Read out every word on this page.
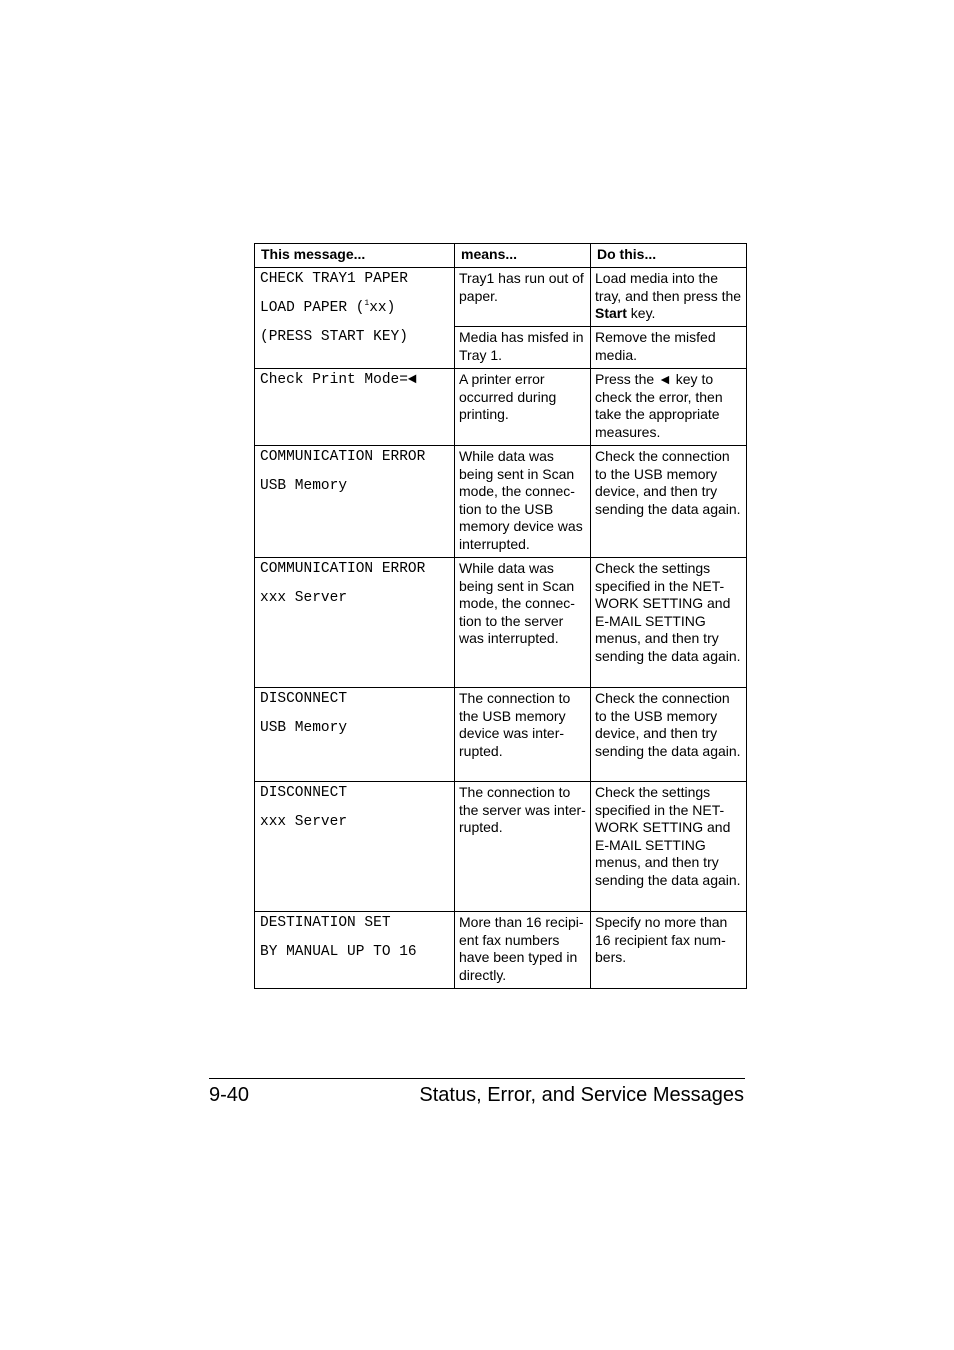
This message...	means...	Do this...

CHECK TRAY1 PAPER
LOAD PAPER ($^1$xx)
(PRESS START KEY)	Tray1 has run out of paper.	Load media into the tray, and then press the Start key.
	Media has misfed in Tray 1.	Remove the misfed media.

Check Print Mode=◄	A printer error occurred during printing.	Press the ◄ key to check the error, then take the appropriate measures.

COMMUNICATION ERROR
USB Memory	While data was being sent in Scan mode, the connec-tion to the USB memory device was interrupted.	Check the connection to the USB memory device, and then try sending the data again.

COMMUNICATION ERROR
xxx Server	While data was being sent in Scan mode, the connec-tion to the server was interrupted.	Check the settings specified in the NET-WORK SETTING and E-MAIL SETTING menus, and then try sending the data again.

DISCONNECT
USB Memory	The connection to the USB memory device was inter-rupted.	Check the connection to the USB memory device, and then try sending the data again.

DISCONNECT
xxx Server	The connection to the server was inter-rupted.	Check the settings specified in the NET-WORK SETTING and E-MAIL SETTING menus, and then try sending the data again.

DESTINATION SET
BY MANUAL UP TO 16	More than 16 recipi-ent fax numbers have been typed in directly.	Specify no more than 16 recipient fax num-bers.
9-40	Status, Error, and Service Messages
